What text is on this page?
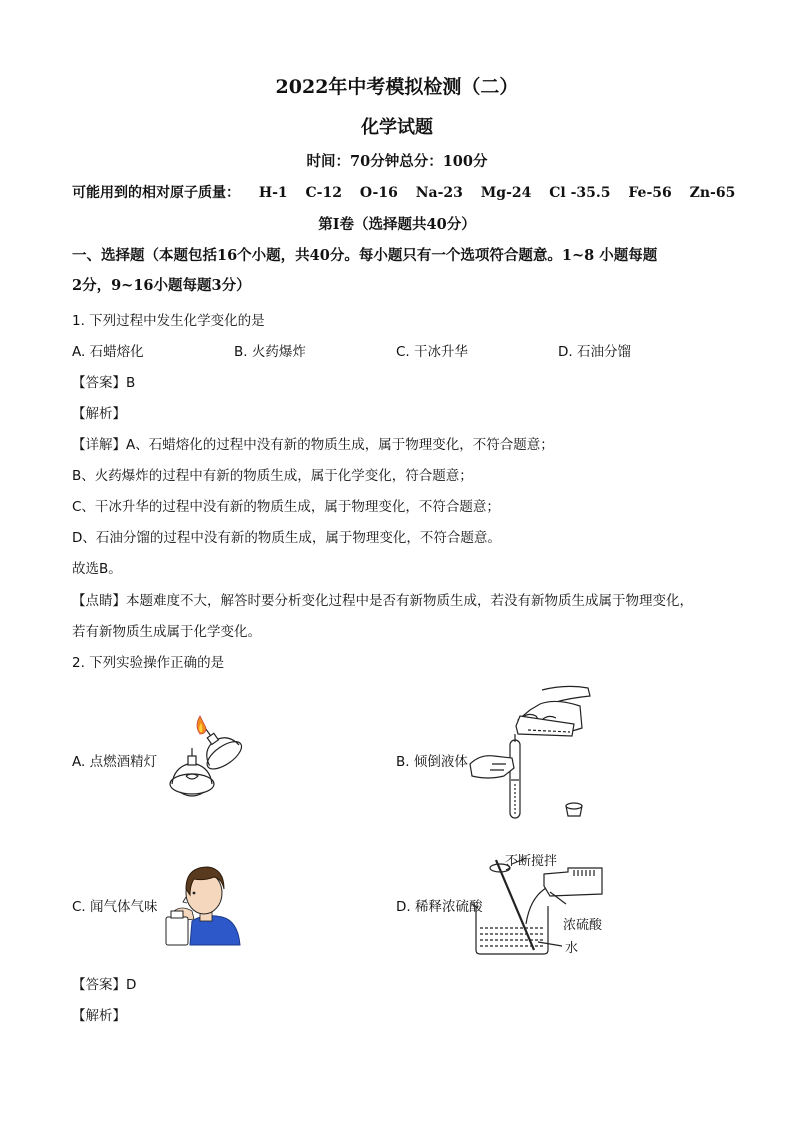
2022年中考模拟检测（二）
化学试题
时间：70分钟总分：100分
可能用到的相对原子质量： H-1 C-12 O-16 Na-23 Mg-24 Cl -35.5 Fe-56 Zn-65
第Ⅰ卷（选择题共40分）
一、选择题（本题包括16个小题，共40分。每小题只有一个选项符合题意。1~8 小题每题
2分，9~16小题每题3分）
1. 下列过程中发生化学变化的是
A. 石蜡熔化	B. 火药爆炸	C. 干冰升华	D. 石油分馏
【答案】B
【解析】
【详解】A、石蜡熔化的过程中没有新的物质生成，属于物理变化，不符合题意；
B、火药爆炸的过程中有新的物质生成，属于化学变化，符合题意；
C、干冰升华的过程中没有新的物质生成，属于物理变化，不符合题意；
D、石油分馏的过程中没有新的物质生成，属于物理变化，不符合题意。
故选B。
【点睛】本题难度不大，解答时要分析变化过程中是否有新物质生成，若没有新物质生成属于物理变化，
若有新物质生成属于化学变化。
2. 下列实验操作正确的是
A. 点燃酒精灯	B. 倾倒液体
C. 闻气体气味	D. 稀释浓硫酸
不断搅拌
浓硫酸
水
【答案】D
【解析】
